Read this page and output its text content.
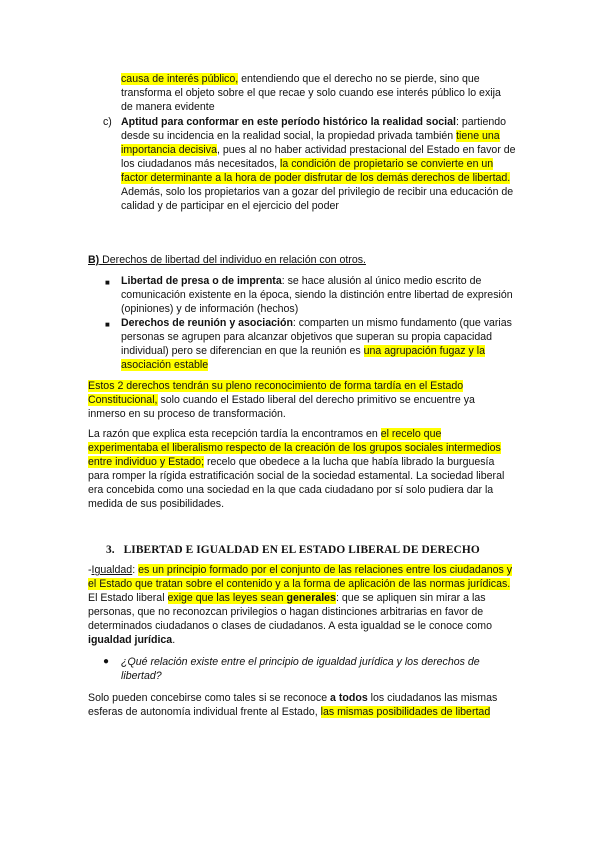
causa de interés público, entendiendo que el derecho no se pierde, sino que transforma el objeto sobre el que recae y solo cuando ese interés público lo exija de manera evidente

c) Aptitud para conformar en este período histórico la realidad social: partiendo desde su incidencia en la realidad social, la propiedad privada también tiene una importancia decisiva, pues al no haber actividad prestacional del Estado en favor de los ciudadanos más necesitados, la condición de propietario se convierte en un factor determinante a la hora de poder disfrutar de los demás derechos de libertad. Además, solo los propietarios van a gozar del privilegio de recibir una educación de calidad y de participar en el ejercicio del poder

B) Derechos de libertad del individuo en relación con otros.

■ Libertad de presa o de imprenta: se hace alusión al único medio escrito de comunicación existente en la época, siendo la distinción entre libertad de expresión (opiniones) y de información (hechos)

■ Derechos de reunión y asociación: comparten un mismo fundamento (que varias personas se agrupen para alcanzar objetivos que superan su propia capacidad individual) pero se diferencian en que la reunión es una agrupación fugaz y la asociación estable

Estos 2 derechos tendrán su pleno reconocimiento de forma tardía en el Estado Constitucional, solo cuando el Estado liberal del derecho primitivo se encuentre ya inmerso en su proceso de transformación.

La razón que explica esta recepción tardía la encontramos en el recelo que experimentaba el liberalismo respecto de la creación de los grupos sociales intermedios entre individuo y Estado; recelo que obedece a la lucha que había librado la burguesía para romper la rígida estratificación social de la sociedad estamental. La sociedad liberal era concebida como una sociedad en la que cada ciudadano por sí solo pudiera dar la medida de sus posibilidades.

3. LIBERTAD E IGUALDAD EN EL ESTADO LIBERAL DE DERECHO

-Igualdad: es un principio formado por el conjunto de las relaciones entre los ciudadanos y el Estado que tratan sobre el contenido y a la forma de aplicación de las normas jurídicas. El Estado liberal exige que las leyes sean generales: que se apliquen sin mirar a las personas, que no reconozcan privilegios o hagan distinciones arbitrarias en favor de determinados ciudadanos o clases de ciudadanos. A esta igualdad se le conoce como igualdad jurídica.

● ¿Qué relación existe entre el principio de igualdad jurídica y los derechos de libertad?

Solo pueden concebirse como tales si se reconoce a todos los ciudadanos las mismas esferas de autonomía individual frente al Estado, las mismas posibilidades de libertad
